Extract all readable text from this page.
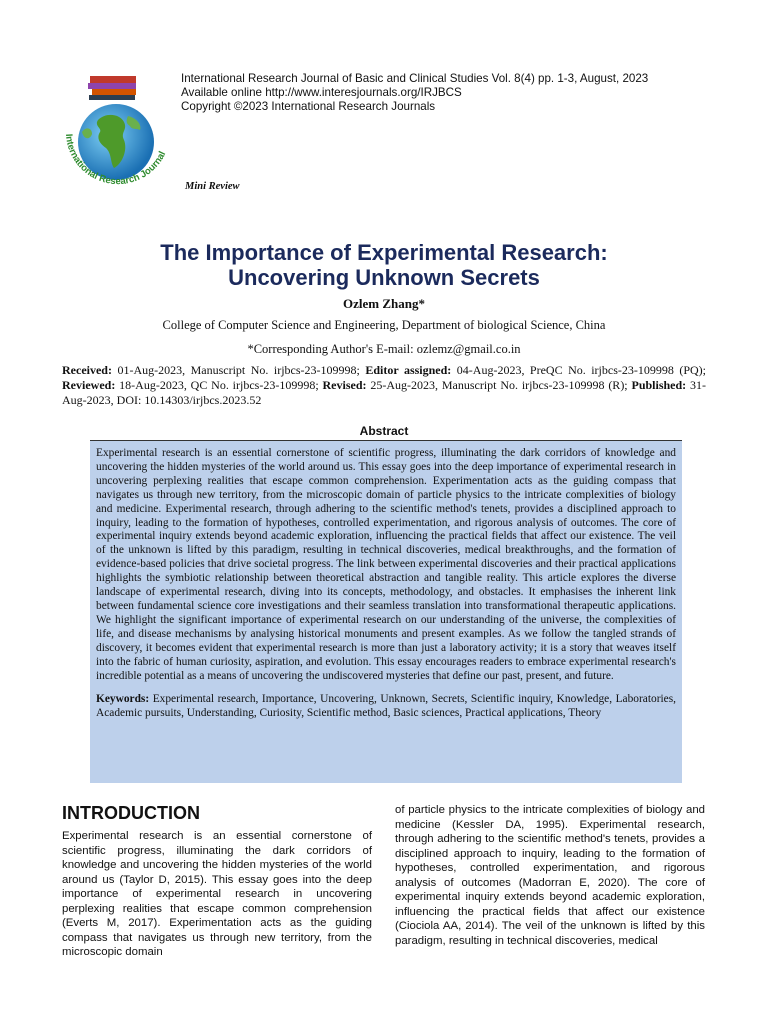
International Research Journal
International Research Journal of Basic and Clinical Studies Vol. 8(4) pp. 1-3, August, 2023
Available online http://www.interesjournals.org/IRJBCS
Copyright ©2023 International Research Journals
Mini Review
The Importance of Experimental Research:
Uncovering Unknown Secrets
Ozlem Zhang*
College of Computer Science and Engineering, Department of biological Science, China
*Corresponding Author's E-mail: ozlemz@gmail.co.in
Received: 01-Aug-2023, Manuscript No. irjbcs-23-109998; Editor assigned: 04-Aug-2023, PreQC No. irjbcs-23-109998 (PQ); Reviewed: 18-Aug-2023, QC No. irjbcs-23-109998; Revised: 25-Aug-2023, Manuscript No. irjbcs-23-109998 (R); Published: 31-Aug-2023, DOI: 10.14303/irjbcs.2023.52
Abstract

Experimental research is an essential cornerstone of scientific progress, illuminating the dark corridors of knowledge and uncovering the hidden mysteries of the world around us. This essay goes into the deep importance of experimental research in uncovering perplexing realities that escape common comprehension. Experimentation acts as the guiding compass that navigates us through new territory, from the microscopic domain of particle physics to the intricate complexities of biology and medicine. Experimental research, through adhering to the scientific method's tenets, provides a disciplined approach to inquiry, leading to the formation of hypotheses, controlled experimentation, and rigorous analysis of outcomes. The core of experimental inquiry extends beyond academic exploration, influencing the practical fields that affect our existence. The veil of the unknown is lifted by this paradigm, resulting in technical discoveries, medical breakthroughs, and the formation of evidence-based policies that drive societal progress. The link between experimental discoveries and their practical applications highlights the symbiotic relationship between theoretical abstraction and tangible reality. This article explores the diverse landscape of experimental research, diving into its concepts, methodology, and obstacles. It emphasises the inherent link between fundamental science core investigations and their seamless translation into transformational therapeutic applications. We highlight the significant importance of experimental research on our understanding of the universe, the complexities of life, and disease mechanisms by analysing historical monuments and present examples. As we follow the tangled strands of discovery, it becomes evident that experimental research is more than just a laboratory activity; it is a story that weaves itself into the fabric of human curiosity, aspiration, and evolution. This essay encourages readers to embrace experimental research's incredible potential as a means of uncovering the undiscovered mysteries that define our past, present, and future.

Keywords: Experimental research, Importance, Uncovering, Unknown, Secrets, Scientific inquiry, Knowledge, Laboratories, Academic pursuits, Understanding, Curiosity, Scientific method, Basic sciences, Practical applications, Theory

INTRODUCTION

Experimental research is an essential cornerstone of scientific progress, illuminating the dark corridors of knowledge and uncovering the hidden mysteries of the world around us (Taylor D, 2015). This essay goes into the deep importance of experimental research in uncovering perplexing realities that escape common comprehension (Everts M, 2017). Experimentation acts as the guiding compass that navigates us through new territory, from the microscopic domain

of particle physics to the intricate complexities of biology and medicine (Kessler DA, 1995). Experimental research, through adhering to the scientific method's tenets, provides a disciplined approach to inquiry, leading to the formation of hypotheses, controlled experimentation, and rigorous analysis of outcomes (Madorran E, 2020). The core of experimental inquiry extends beyond academic exploration, influencing the practical fields that affect our existence (Ciociola AA, 2014). The veil of the unknown is lifted by this paradigm, resulting in technical discoveries, medical
